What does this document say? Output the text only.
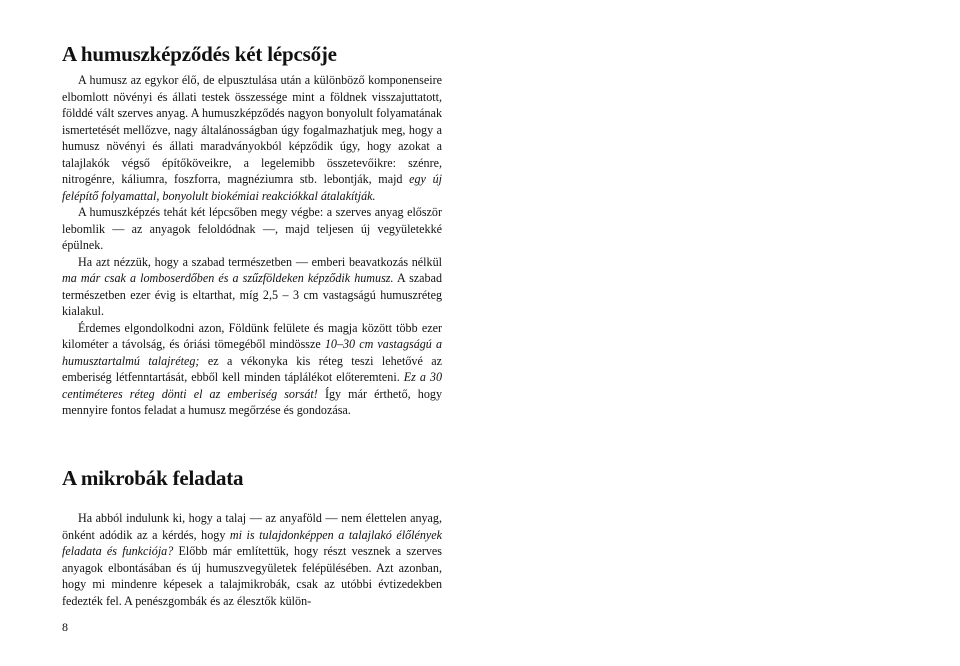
A humuszképződés két lépcsője

A humusz az egykor élő, de elpusztulása után a különböző komponenseire elbomlott növényi és állati testek összessége mint a földnek visszajuttatott, földdé vált szerves anyag. A humuszképződés nagyon bonyolult folyamatának ismertetését mellőzve, nagy általánosságban úgy fogalmazhatjuk meg, hogy a humusz növényi és állati maradványokból képződik úgy, hogy azokat a talajlakók végső építőköveikre, a legelemibb összetevőikre: szénre, nitrogénre, káliumra, foszforra, magnéziumra stb. lebontják, majd egy új felépítő folyamattal, bonyolult biokémiai reakciókkal átalakítják.

A humuszképzés tehát két lépcsőben megy végbe: a szerves anyag először lebomlik — az anyagok feloldódnak —, majd teljesen új vegyületekké épülnek.

Ha azt nézzük, hogy a szabad természetben — emberi beavatkozás nélkül ma már csak a lomboserdőben és a szűzföldeken képződik humusz. A szabad természetben ezer évig is eltarthat, míg 2,5 – 3 cm vastagságú humuszréteg kialakul.

Érdemes elgondolkodni azon, Földünk felülete és magja között több ezer kilométer a távolság, és óriási tömegéből mindössze 10–30 cm vastagságú a humusztartalmú talajréteg; ez a vékonyka kis réteg teszi lehetővé az emberiség létfenntartását, ebből kell minden táplálékot előteremteni. Ez a 30 centiméteres réteg dönti el az emberiség sorsát! Így már érthető, hogy mennyire fontos feladat a humusz megőrzése és gondozása.

A mikrobák feladata

Ha abból indulunk ki, hogy a talaj — az anyaföld — nem élettelen anyag, önként adódik az a kérdés, hogy mi is tulajdonképpen a talajlakó élőlények feladata és funkciója? Előbb már említettük, hogy részt vesznek a szerves anyagok elbontásában és új humuszvegyületek felépülésében. Azt azonban, hogy mi mindenre képesek a talajmikrobák, csak az utóbbi évtizedekben fedezték fel. A penészgombák és az élesztők külön-

8
